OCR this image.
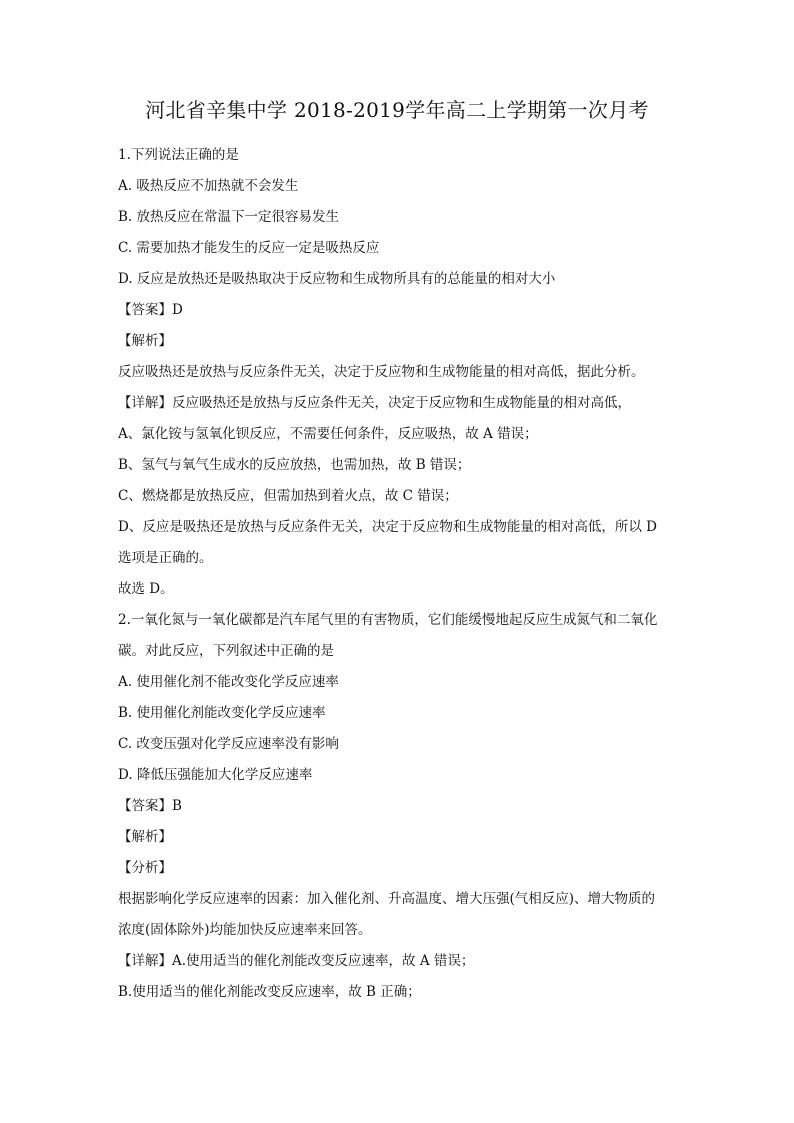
河北省辛集中学 2018-2019学年高二上学期第一次月考
1.下列说法正确的是
A. 吸热反应不加热就不会发生
B. 放热反应在常温下一定很容易发生
C. 需要加热才能发生的反应一定是吸热反应
D. 反应是放热还是吸热取决于反应物和生成物所具有的总能量的相对大小
【答案】D
【解析】
反应吸热还是放热与反应条件无关，决定于反应物和生成物能量的相对高低，据此分析。
【详解】反应吸热还是放热与反应条件无关，决定于反应物和生成物能量的相对高低，
A、氯化铵与氢氧化钡反应，不需要任何条件，反应吸热，故 A 错误；
B、氢气与氧气生成水的反应放热，也需加热，故 B 错误；
C、燃烧都是放热反应，但需加热到着火点，故 C 错误；
D、反应是吸热还是放热与反应条件无关，决定于反应物和生成物能量的相对高低，所以 D
选项是正确的。
故选 D。
2.一氧化氮与一氧化碳都是汽车尾气里的有害物质，它们能缓慢地起反应生成氮气和二氧化
碳。对此反应，下列叙述中正确的是
A. 使用催化剂不能改变化学反应速率
B. 使用催化剂能改变化学反应速率
C. 改变压强对化学反应速率没有影响
D. 降低压强能加大化学反应速率
【答案】B
【解析】
【分析】
根据影响化学反应速率的因素：加入催化剂、升高温度、增大压强(气相反应)、增大物质的
浓度(固体除外)均能加快反应速率来回答。
【详解】A.使用适当的催化剂能改变反应速率，故 A 错误；
B.使用适当的催化剂能改变反应速率，故 B 正确；
